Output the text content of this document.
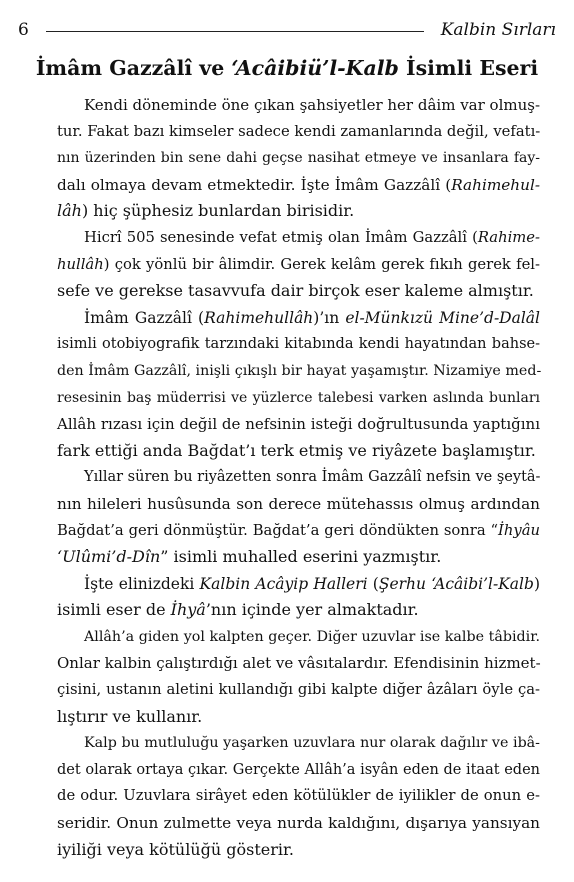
6	Kalbin Sırları
İmâm Gazzâlî ve ‘Acâibiü’l-Kalb İsimli Eseri
Kendi döneminde öne çıkan şahsiyetler her dâim var olmuş-
tur. Fakat bazı kimseler sadece kendi zamanlarında değil, vefatı-
nın üzerinden bin sene dahi geçse nasihat etmeye ve insanlara fay-
dalı olmaya devam etmektedir. İşte İmâm Gazzâlî (Rahimehul-
lâh) hiç şüphesiz bunlardan birisidir.
Hicrî 505 senesinde vefat etmiş olan İmâm Gazzâlî (Rahime-
hullâh) çok yönlü bir âlimdir. Gerek kelâm gerek fıkıh gerek fel-
sefe ve gerekse tasavvufa dair birçok eser kaleme almıştır.
İmâm Gazzâlî (Rahimehullâh)’ın el-Münkızü Mine’d-Dalâl
isimli otobiyografik tarzındaki kitabında kendi hayatından bahse-
den İmâm Gazzâlî, inişli çıkışlı bir hayat yaşamıştır. Nizamiye med-
resesinin baş müderrisi ve yüzlerce talebesi varken aslında bunları
Allâh rızası için değil de nefsinin isteği doğrultusunda yaptığını
fark ettiği anda Bağdat’ı terk etmiş ve riyâzete başlamıştır.
Yıllar süren bu riyâzetten sonra İmâm Gazzâlî nefsin ve şeytâ-
nın hileleri husûsunda son derece mütehassıs olmuş ardından
Bağdat’a geri dönmüştür. Bağdat’a geri döndükten sonra “İhyâu
‘Ulûmi’d-Dîn” isimli muhalled eserini yazmıştır.
İşte elinizdeki Kalbin Acâyip Halleri (Şerhu ‘Acâibi’l-Kalb)
isimli eser de İhyâ’nın içinde yer almaktadır.
Allâh’a giden yol kalpten geçer. Diğer uzuvlar ise kalbe tâbidir.
Onlar kalbin çalıştırdığı alet ve vâsıtalardır. Efendisinin hizmet-
çisini, ustanın aletini kullandığı gibi kalpte diğer âzâları öyle ça-
lıştırır ve kullanır.
Kalp bu mutluluğu yaşarken uzuvlara nur olarak dağılır ve ibâ-
det olarak ortaya çıkar. Gerçekte Allâh’a isyân eden de itaat eden
de odur. Uzuvlara sirâyet eden kötülükler de iyilikler de onun e-
seridir. Onun zulmette veya nurda kaldığını, dışarıya yansıyan
iyiliği veya kötülüğü gösterir.
